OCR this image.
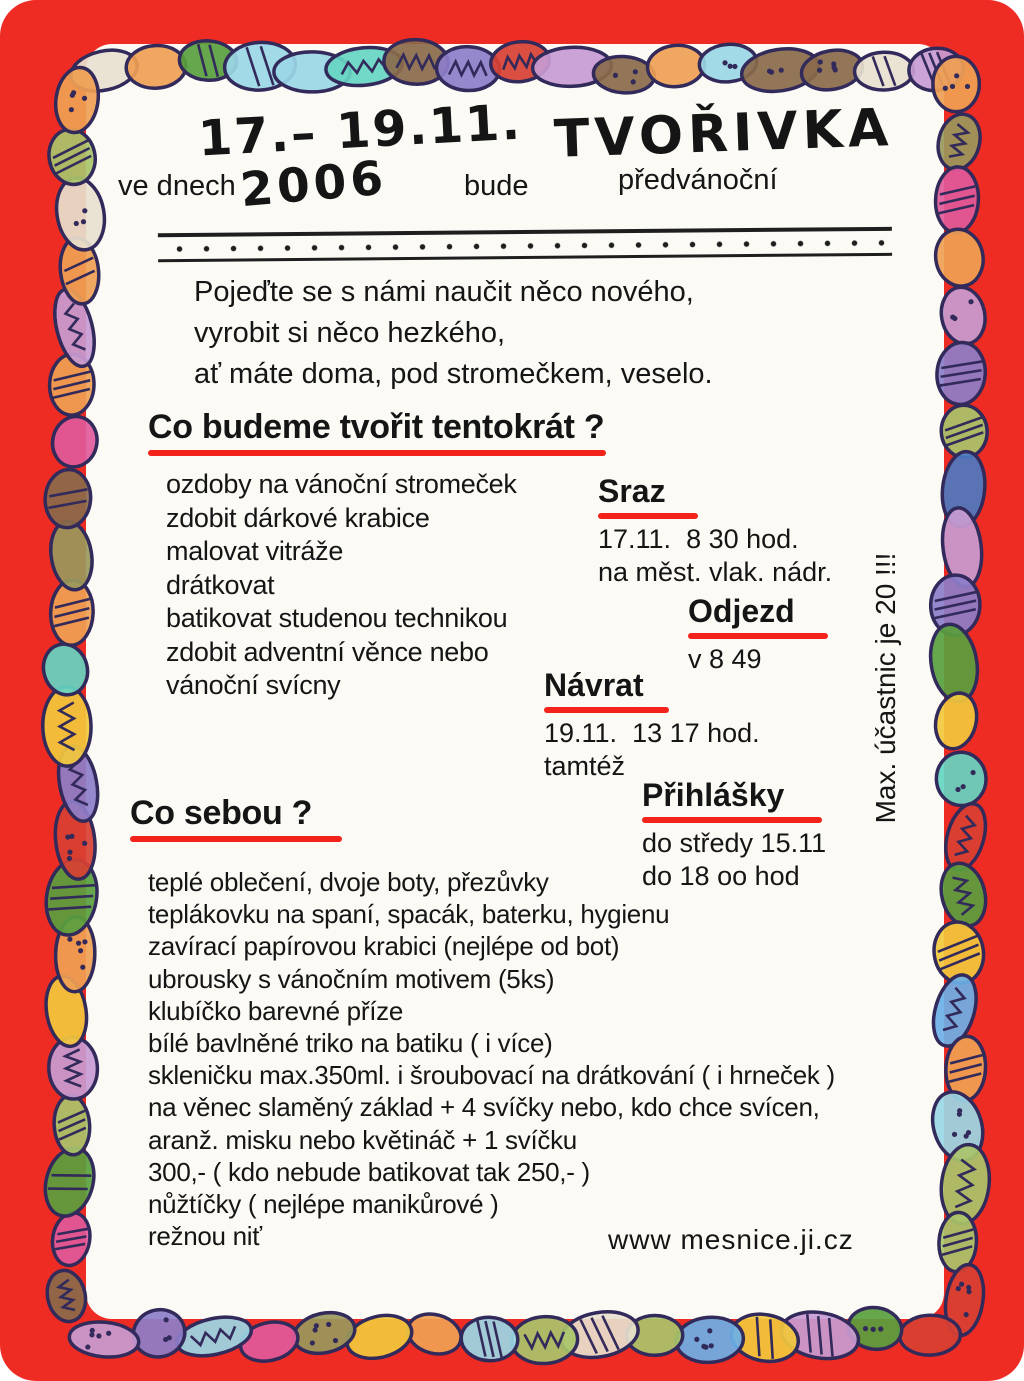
ve dnech
17.– 19.11.
2006	bude
TVOŘIVKA
předvánoční
Pojeďte se s námi naučit něco nového,
vyrobit si něco hezkého,
ať máte doma, pod stromečkem, veselo.
Co budeme tvořit tentokrát ?
ozdoby na vánoční stromeček
zdobit dárkové krabice
malovat vitráže
drátkovat
batikovat studenou technikou
zdobit adventní věnce nebo
vánoční svícny
Sraz
17.11.  8 30 hod.
na měst. vlak. nádr.
Odjezd
v 8 49
Návrat
19.11.  13 17 hod.
tamtéž
Přihlášky
do středy 15.11
do 18 oo hod
Max. účastnic je 20 !!!
Co sebou ?
teplé oblečení, dvoje boty, přezůvky
teplákovku na spaní, spacák, baterku, hygienu
zavírací papírovou krabici (nejlépe od bot)
ubrousky s vánočním motivem (5ks)
klubíčko barevné příze
bílé bavlněné triko na batiku ( i více)
skleničku max.350ml. i šroubovací na drátkování ( i hrneček )
na věnec slaměný základ + 4 svíčky nebo, kdo chce svícen,
aranž. misku nebo květináč + 1 svíčku
300,- ( kdo nebude batikovat tak 250,- )
nůžtíčky ( nejlépe manikůrové )
režnou niť	www mesnice.ji.cz
